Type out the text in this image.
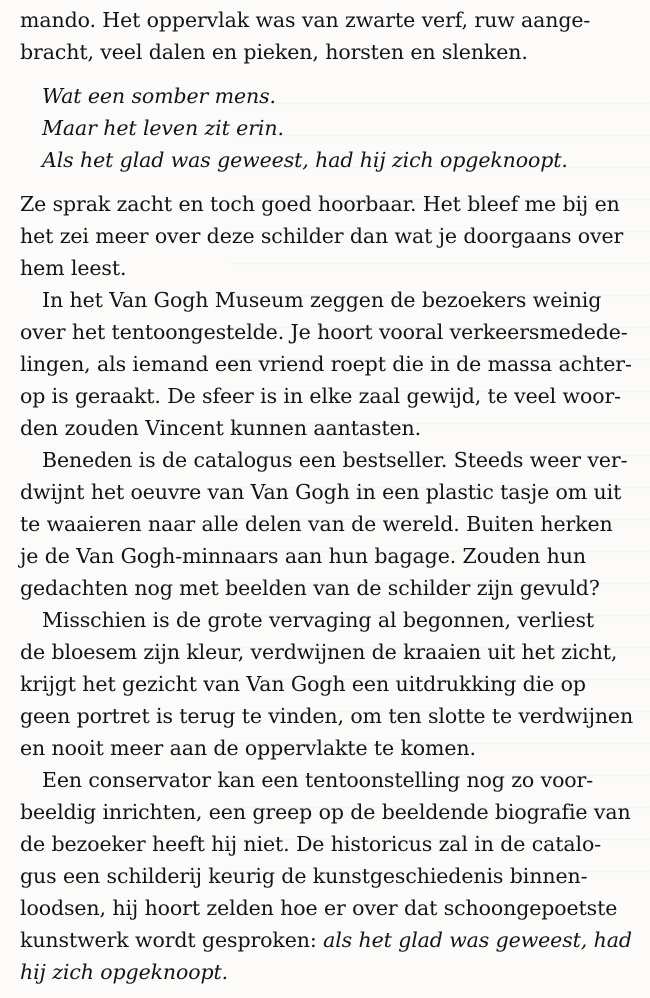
mando. Het oppervlak was van zwarte verf, ruw aange-
bracht, veel dalen en pieken, horsten en slenken.
Wat een somber mens.
Maar het leven zit erin.
Als het glad was geweest, had hij zich opgeknoopt.
Ze sprak zacht en toch goed hoorbaar. Het bleef me bij en
het zei meer over deze schilder dan wat je doorgaans over
hem leest.
In het Van Gogh Museum zeggen de bezoekers weinig
over het tentoongestelde. Je hoort vooral verkeersmedede-
lingen, als iemand een vriend roept die in de massa achter-
op is geraakt. De sfeer is in elke zaal gewijd, te veel woor-
den zouden Vincent kunnen aantasten.
Beneden is de catalogus een bestseller. Steeds weer ver-
dwijnt het oeuvre van Van Gogh in een plastic tasje om uit
te waaieren naar alle delen van de wereld. Buiten herken
je de Van Gogh-minnaars aan hun bagage. Zouden hun
gedachten nog met beelden van de schilder zijn gevuld?
Misschien is de grote vervaging al begonnen, verliest
de bloesem zijn kleur, verdwijnen de kraaien uit het zicht,
krijgt het gezicht van Van Gogh een uitdrukking die op
geen portret is terug te vinden, om ten slotte te verdwijnen
en nooit meer aan de oppervlakte te komen.
Een conservator kan een tentoonstelling nog zo voor-
beeldig inrichten, een greep op de beeldende biografie van
de bezoeker heeft hij niet. De historicus zal in de catalo-
gus een schilderij keurig de kunstgeschiedenis binnen-
loodsen, hij hoort zelden hoe er over dat schoongepoetste
kunstwerk wordt gesproken: als het glad was geweest, had
hij zich opgeknoopt.
